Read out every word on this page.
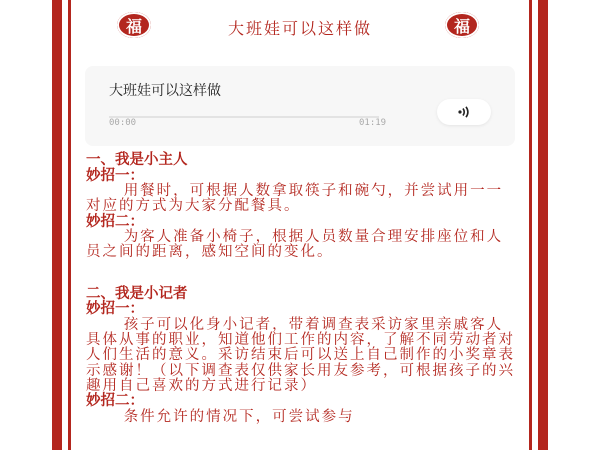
福	大班娃可以这样做	福
大班娃可以这样做
00:00	01:19

一、我是小主人

妙招一：

用餐时，可根据人数拿取筷子和碗勺，并尝试用一一对应的方式为大家分配餐具。

妙招二：

为客人准备小椅子，根据人员数量合理安排座位和人员之间的距离，感知空间的变化。

二、我是小记者

妙招一：

孩子可以化身小记者，带着调查表采访家里亲戚客人具体从事的职业，知道他们工作的内容，了解不同劳动者对人们生活的意义。采访结束后可以送上自己制作的小奖章表示感谢！（以下调查表仅供家长用友参考，可根据孩子的兴趣用自己喜欢的方式进行记录）

妙招二：

条件允许的情况下，可尝试参与
